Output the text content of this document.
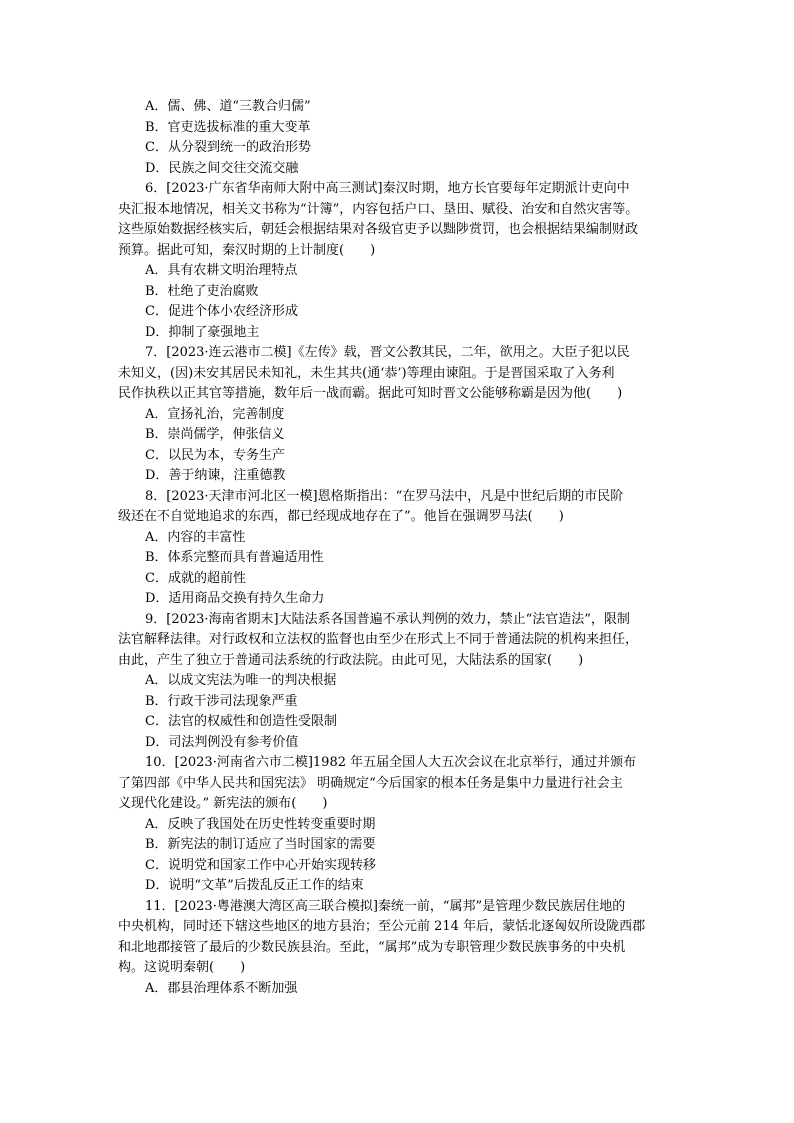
A．儒、佛、道“三教合归儒”
B．官吏选拔标准的重大变革
C．从分裂到统一的政治形势
D．民族之间交往交流交融
6．[2023·广东省华南师大附中高三测试]秦汉时期，地方长官要每年定期派计吏向中
央汇报本地情况，相关文书称为“计簿”，内容包括户口、垦田、赋役、治安和自然灾害等。
这些原始数据经核实后，朝廷会根据结果对各级官吏予以黜陟赏罚，也会根据结果编制财政
预算。据此可知，秦汉时期的上计制度(　　)
A．具有农耕文明治理特点
B．杜绝了吏治腐败
C．促进个体小农经济形成
D．抑制了豪强地主
7．[2023·连云港市二模]《左传》载，晋文公教其民，二年，欲用之。大臣子犯以民
未知义，(因)未安其居民未知礼，未生其共(通‘恭’)等理由谏阻。于是晋国采取了入务利
民作执秩以正其官等措施，数年后一战而霸。据此可知时晋文公能够称霸是因为他(　　)
A．宣扬礼治，完善制度
B．崇尚儒学，伸张信义
C．以民为本，专务生产
D．善于纳谏，注重德教
8．[2023·天津市河北区一模]恩格斯指出：“在罗马法中，凡是中世纪后期的市民阶
级还在不自觉地追求的东西，都已经现成地存在了”。他旨在强调罗马法(　　)
A．内容的丰富性
B．体系完整而具有普遍适用性
C．成就的超前性
D．适用商品交换有持久生命力
9．[2023·海南省期末]大陆法系各国普遍不承认判例的效力，禁止“法官造法”，限制
法官解释法律。对行政权和立法权的监督也由至少在形式上不同于普通法院的机构来担任，
由此，产生了独立于普通司法系统的行政法院。由此可见，大陆法系的国家(　　)
A．以成文宪法为唯一的判决根据
B．行政干涉司法现象严重
C．法官的权威性和创造性受限制
D．司法判例没有参考价值
10．[2023·河南省六市二模]1982 年五届全国人大五次会议在北京举行，通过并颁布
了第四部《中华人民共和国宪法》 明确规定“今后国家的根本任务是集中力量进行社会主
义现代化建设。” 新宪法的颁布(　　)
A．反映了我国处在历史性转变重要时期
B．新宪法的制订适应了当时国家的需要
C．说明党和国家工作中心开始实现转移
D．说明“文革”后拨乱反正工作的结束
11．[2023·粤港澳大湾区高三联合模拟]秦统一前，“属邦”是管理少数民族居住地的
中央机构，同时还下辖这些地区的地方县治；至公元前 214 年后，蒙恬北逐匈奴所设陇西郡
和北地郡接管了最后的少数民族县治。至此，“属邦”成为专职管理少数民族事务的中央机
构。这说明秦朝(　　)
A．郡县治理体系不断加强
